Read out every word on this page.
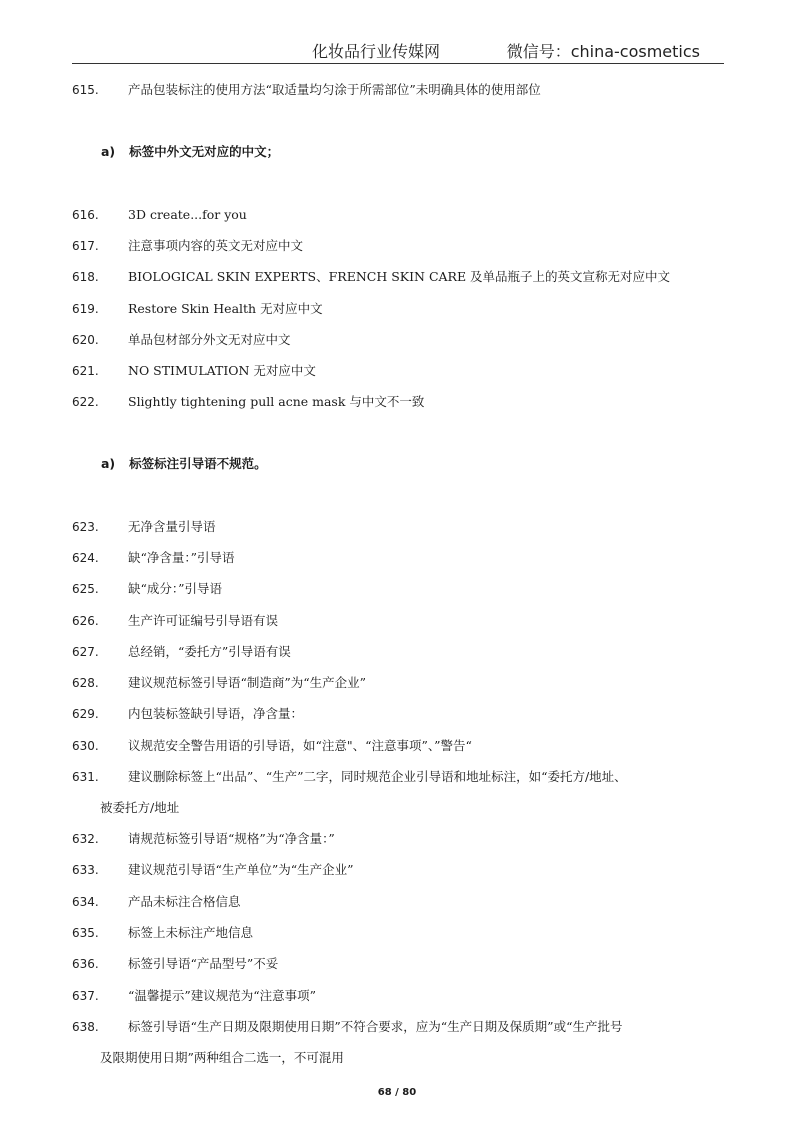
化妆品行业传媒网	微信号：china-cosmetics
615. 产品包装标注的使用方法“取适量均匀涂于所需部位”未明确具体的使用部位
a) 标签中外文无对应的中文；
616. 3D create...for you
617. 注意事项内容的英文无对应中文
618. BIOLOGICAL SKIN EXPERTS、FRENCH SKIN CARE 及单品瓶子上的英文宣称无对应中文
619. Restore Skin Health 无对应中文
620. 单品包材部分外文无对应中文
621. NO STIMULATION 无对应中文
622. Slightly tightening pull acne mask 与中文不一致
a) 标签标注引导语不规范。
623. 无净含量引导语
624. 缺“净含量：”引导语
625. 缺“成分：”引导语
626. 生产许可证编号引导语有误
627. 总经销，“委托方”引导语有误
628. 建议规范标签引导语“制造商”为“生产企业”
629. 内包装标签缺引导语，净含量：
630. 议规范安全警告用语的引导语，如“注意"、“注意事项”、”警告“
631. 建议删除标签上“出品”、“生产”二字，同时规范企业引导语和地址标注，如“委托方/地址、
被委托方/地址
632. 请规范标签引导语“规格”为“净含量：”
633. 建议规范引导语“生产单位”为“生产企业”
634. 产品未标注合格信息
635. 标签上未标注产地信息
636. 标签引导语“产品型号”不妥
637. “温馨提示”建议规范为“注意事项”
638. 标签引导语“生产日期及限期使用日期”不符合要求，应为“生产日期及保质期”或“生产批号
及限期使用日期”两种组合二选一，不可混用
68 / 80
